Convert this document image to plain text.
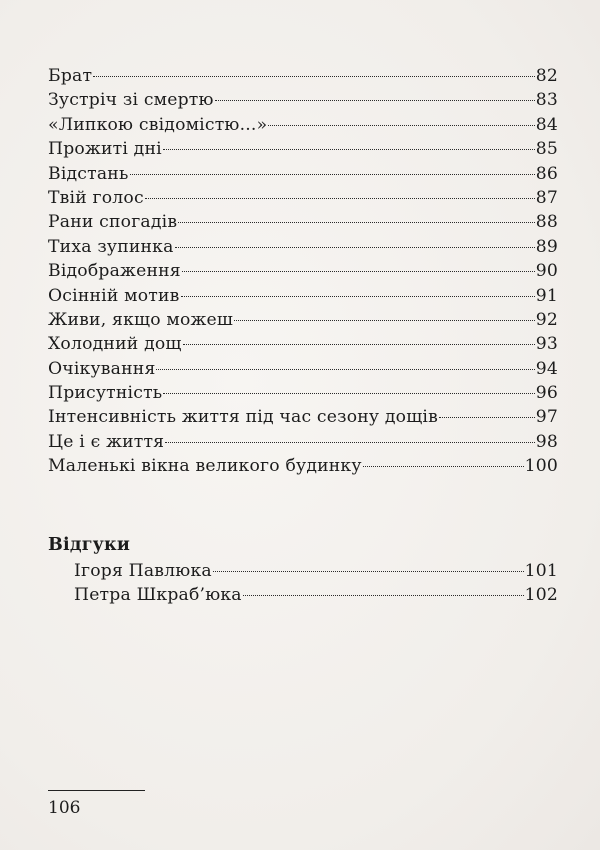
Брат	82
Зустріч зі смертю	83
«Липкою свідомістю...»	84
Прожиті дні	85
Відстань	86
Твій голос	87
Рани спогадів	88
Тиха зупинка	89
Відображення	90
Осінній мотив	91
Живи, якщо можеш	92
Холодний дощ	93
Очікування	94
Присутність	96
Інтенсивність життя під час сезону дощів	97
Це і є життя	98
Маленькі вікна великого будинку	100
Відгуки
Ігоря Павлюка	101
Петра Шкраб’юка	102
106
